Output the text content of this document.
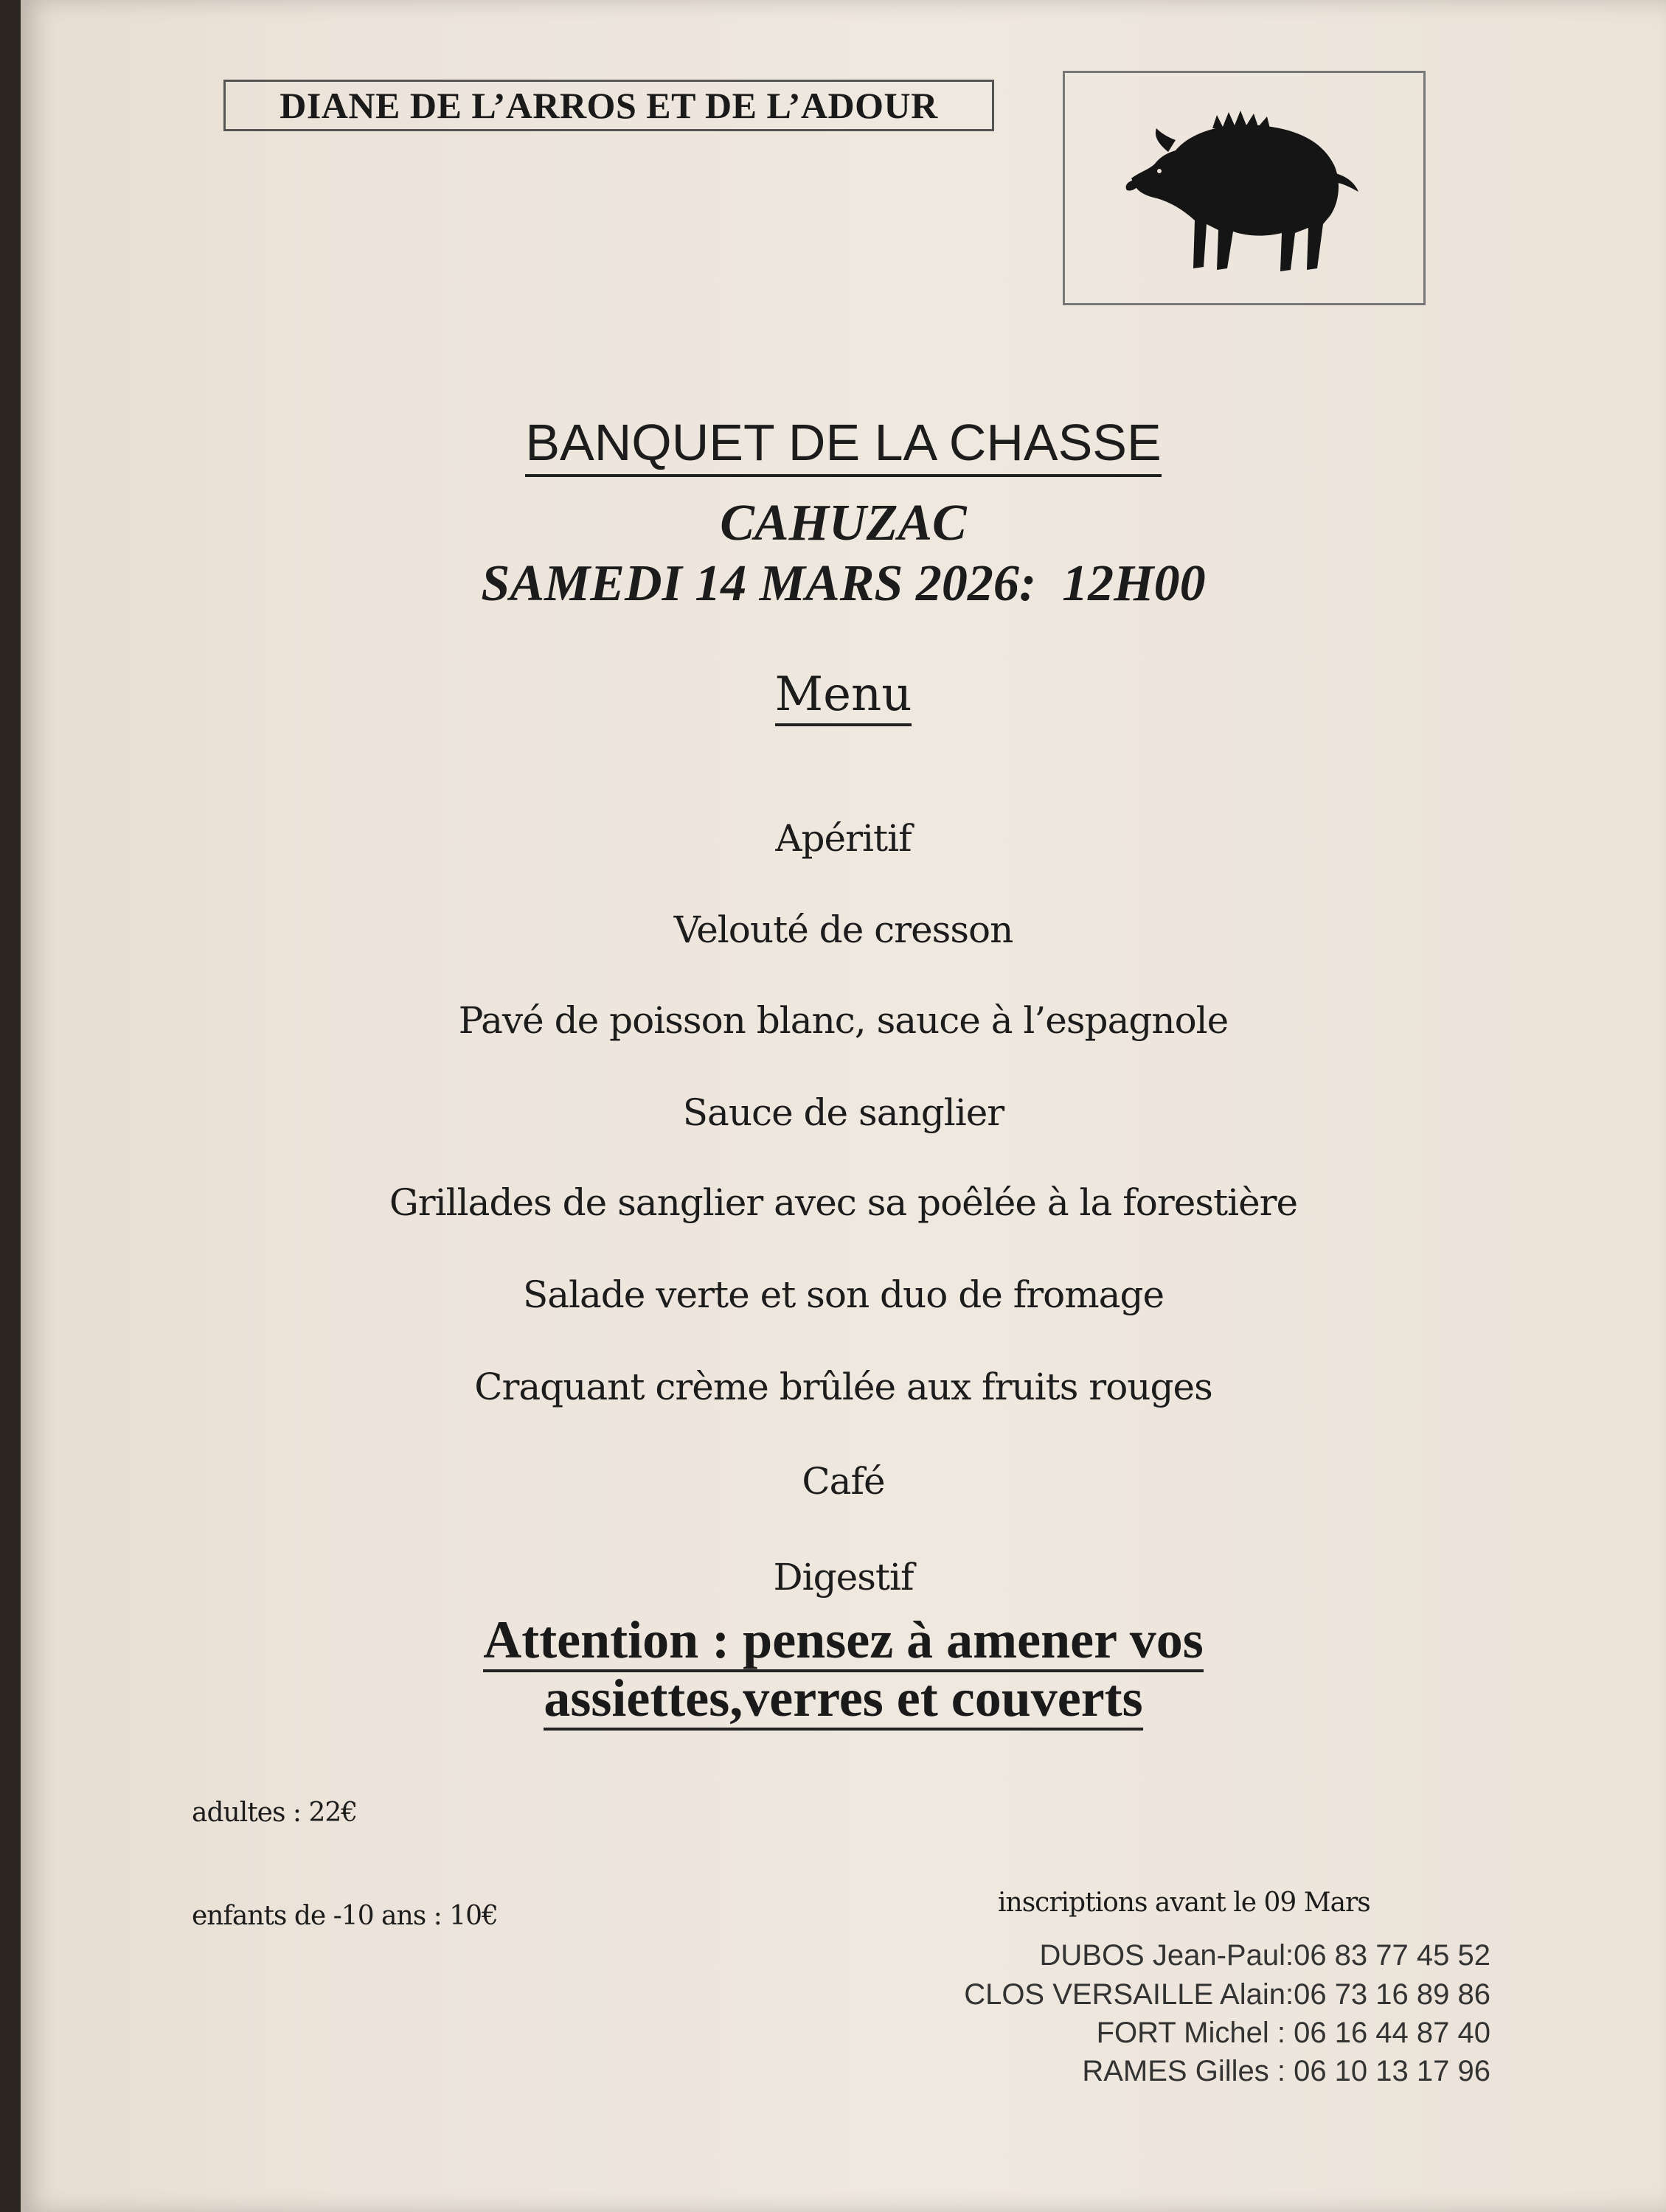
DIANE DE L’ARROS ET DE L’ADOUR
BANQUET DE LA CHASSE
CAHUZAC
SAMEDI 14 MARS 2026:  12H00
Menu
Apéritif
Velouté de cresson
Pavé de poisson blanc, sauce à l’espagnole
Sauce de sanglier
Grillades de sanglier avec sa poêlée à la forestière
Salade verte et son duo de fromage
Craquant crème brûlée aux fruits rouges
Café
Digestif
Attention : pensez à amener vos
assiettes,verres et couverts
adultes : 22€
enfants de -10 ans : 10€	inscriptions avant le 09 Mars
DUBOS Jean-Paul:06 83 77 45 52
CLOS VERSAILLE Alain:06 73 16 89 86
FORT Michel : 06 16 44 87 40
RAMES Gilles : 06 10 13 17 96
